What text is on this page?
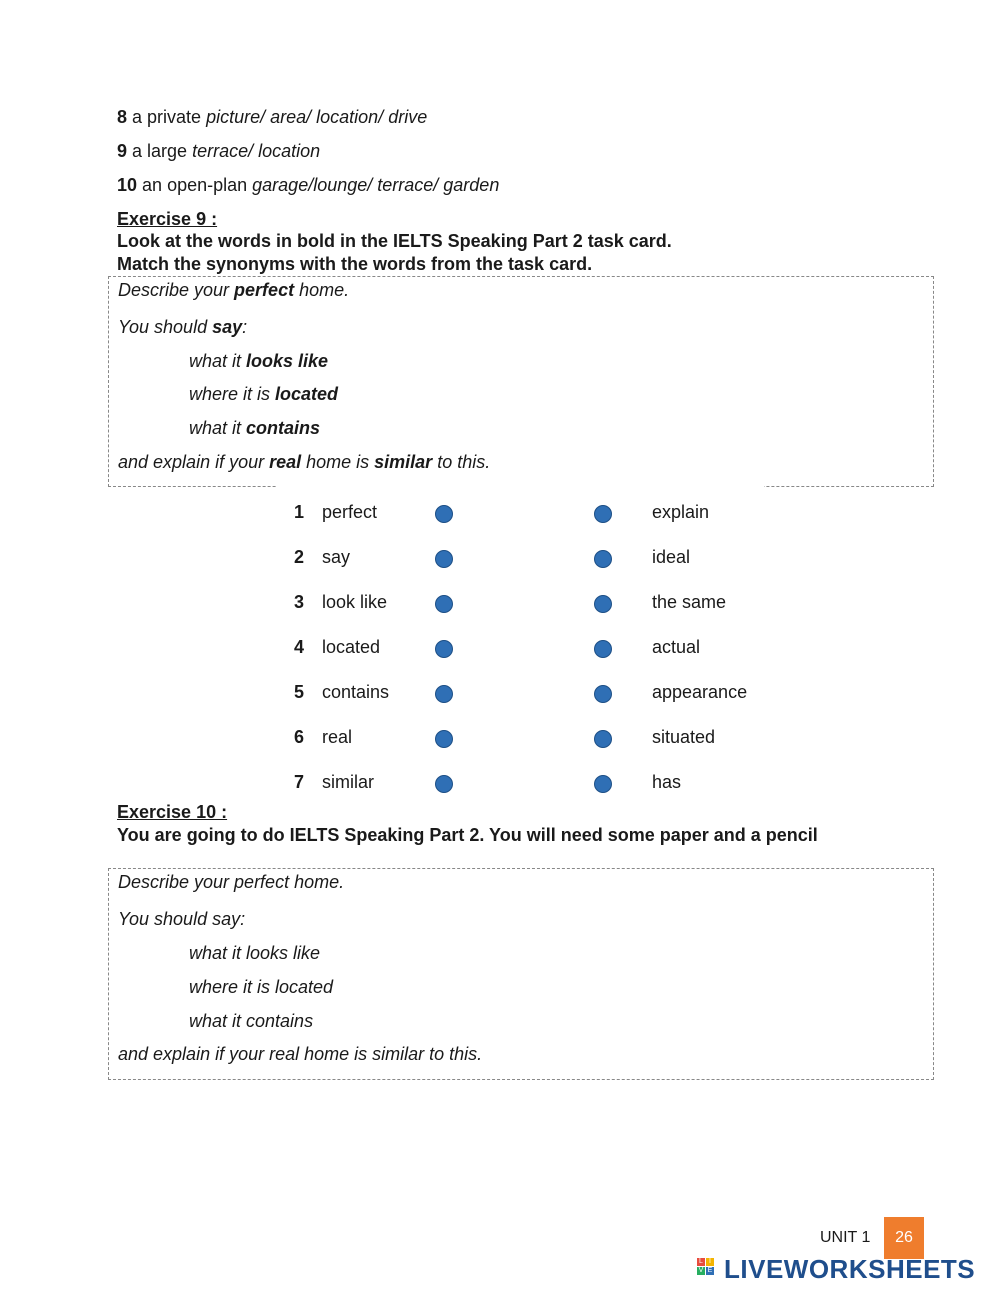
8 a private picture/ area/ location/ drive
9 a large terrace/ location
10 an open-plan garage/lounge/ terrace/ garden
Exercise 9 :
Look at the words in bold in the IELTS Speaking Part 2 task card.
Match the synonyms with the words from the task card.
Describe your perfect home.
You should say:
what it looks like
where it is located
what it contains
and explain if your real home is similar to this.
1 perfect	explain
2 say	ideal
3 look like	the same
4 located	actual
5 contains	appearance
6 real	situated
7 similar	has
Exercise 10 :
You are going to do IELTS Speaking Part 2. You will need some paper and a pencil
Describe your perfect home.
You should say:
what it looks like
where it is located
what it contains
and explain if your real home is similar to this.
UNIT 1	26
L I
V E LIVEWORKSHEETS
